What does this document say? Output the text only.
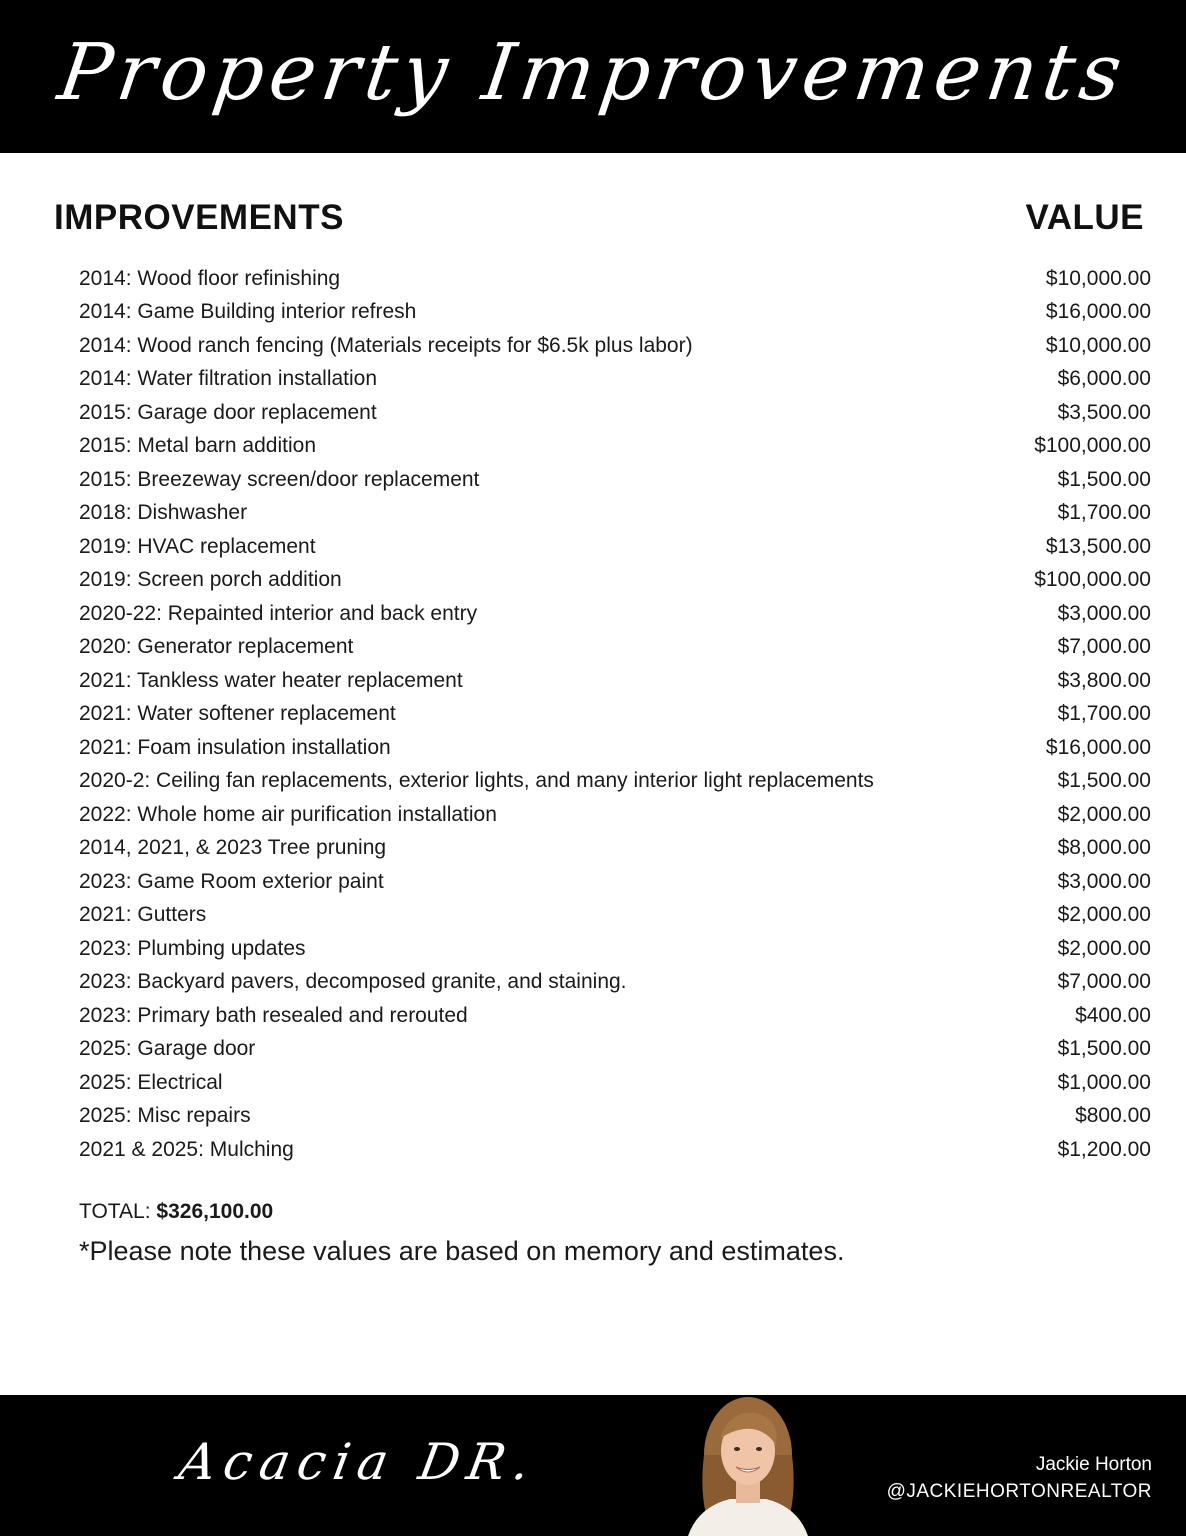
Property Improvements
IMPROVEMENTS	VALUE
2014: Wood floor refinishing	$10,000.00
2014: Game Building interior refresh	$16,000.00
2014: Wood ranch fencing (Materials receipts for $6.5k plus labor)	$10,000.00
2014: Water filtration installation	$6,000.00
2015: Garage door replacement	$3,500.00
2015: Metal barn addition	$100,000.00
2015: Breezeway screen/door replacement	$1,500.00
2018: Dishwasher	$1,700.00
2019: HVAC replacement	$13,500.00
2019: Screen porch addition	$100,000.00
2020-22: Repainted interior and back entry	$3,000.00
2020: Generator replacement	$7,000.00
2021: Tankless water heater replacement	$3,800.00
2021: Water softener replacement	$1,700.00
2021: Foam insulation installation	$16,000.00
2020-2: Ceiling fan replacements, exterior lights, and many interior light replacements	$1,500.00
2022: Whole home air purification installation	$2,000.00
2014, 2021, & 2023 Tree pruning	$8,000.00
2023: Game Room exterior paint	$3,000.00
2021: Gutters	$2,000.00
2023: Plumbing updates	$2,000.00
2023: Backyard pavers, decomposed granite, and staining.	$7,000.00
2023: Primary bath resealed and rerouted	$400.00
2025: Garage door	$1,500.00
2025: Electrical	$1,000.00
2025: Misc repairs	$800.00
2021 & 2025: Mulching	$1,200.00
TOTAL: $326,100.00
*Please note these values are based on memory and estimates.
Acacia DR.	Jackie Horton
@JACKIEHORTONREALTOR
